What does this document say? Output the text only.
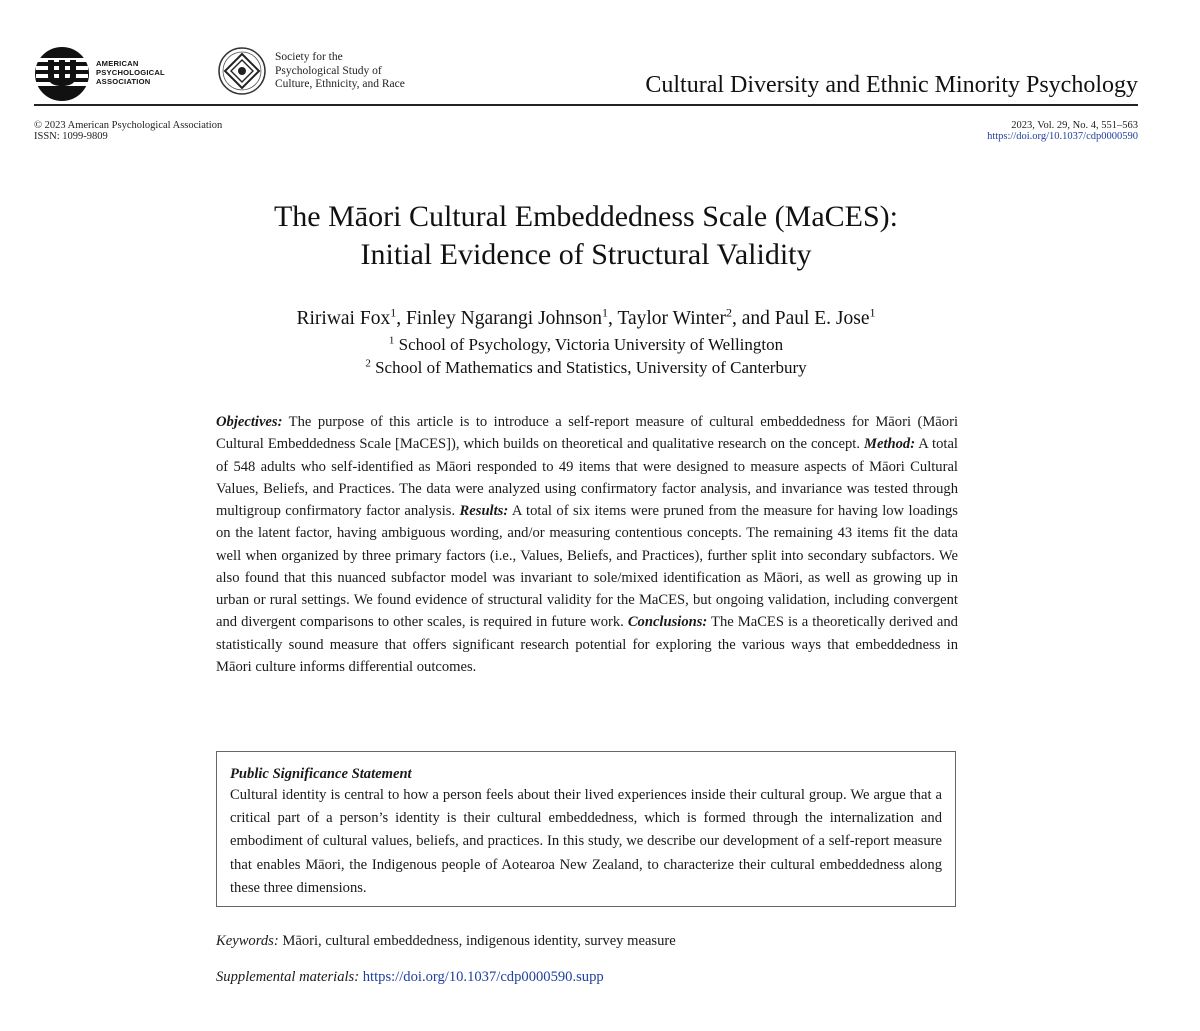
AMERICAN
PSYCHOLOGICAL
ASSOCIATION
Society for the
Psychological Study of
Culture, Ethnicity, and Race	Cultural Diversity and Ethnic Minority Psychology
© 2023 American Psychological Association
ISSN: 1099-9809
2023, Vol. 29, No. 4, 551–563
https://doi.org/10.1037/cdp0000590
The Māori Cultural Embeddedness Scale (MaCES):
Initial Evidence of Structural Validity
Ririwai Fox$^1$, Finley Ngarangi Johnson$^1$, Taylor Winter$^2$, and Paul E. Jose$^1$
$^1$ School of Psychology, Victoria University of Wellington
$^2$ School of Mathematics and Statistics, University of Canterbury
Objectives: The purpose of this article is to introduce a self-report measure of cultural embeddedness for Māori (Māori Cultural Embeddedness Scale [MaCES]), which builds on theoretical and qualitative research on the concept. Method: A total of 548 adults who self-identified as Māori responded to 49 items that were designed to measure aspects of Māori Cultural Values, Beliefs, and Practices. The data were analyzed using confirmatory factor analysis, and invariance was tested through multigroup confirmatory factor analysis. Results: A total of six items were pruned from the measure for having low loadings on the latent factor, having ambiguous wording, and/or measuring contentious concepts. The remaining 43 items fit the data well when organized by three primary factors (i.e., Values, Beliefs, and Practices), further split into secondary subfactors. We also found that this nuanced subfactor model was invariant to sole/mixed identification as Māori, as well as growing up in urban or rural settings. We found evidence of structural validity for the MaCES, but ongoing validation, including convergent and divergent comparisons to other scales, is required in future work. Conclusions: The MaCES is a theoretically derived and statistically sound measure that offers significant research potential for exploring the various ways that embeddedness in Māori culture informs differential outcomes.
Public Significance Statement
Cultural identity is central to how a person feels about their lived experiences inside their cultural group. We argue that a critical part of a person’s identity is their cultural embeddedness, which is formed through the internalization and embodiment of cultural values, beliefs, and practices. In this study, we describe our development of a self-report measure that enables Māori, the Indigenous people of Aotearoa New Zealand, to characterize their cultural embeddedness along these three dimensions.
Keywords: Māori, cultural embeddedness, indigenous identity, survey measure
Supplemental materials: https://doi.org/10.1037/cdp0000590.supp
